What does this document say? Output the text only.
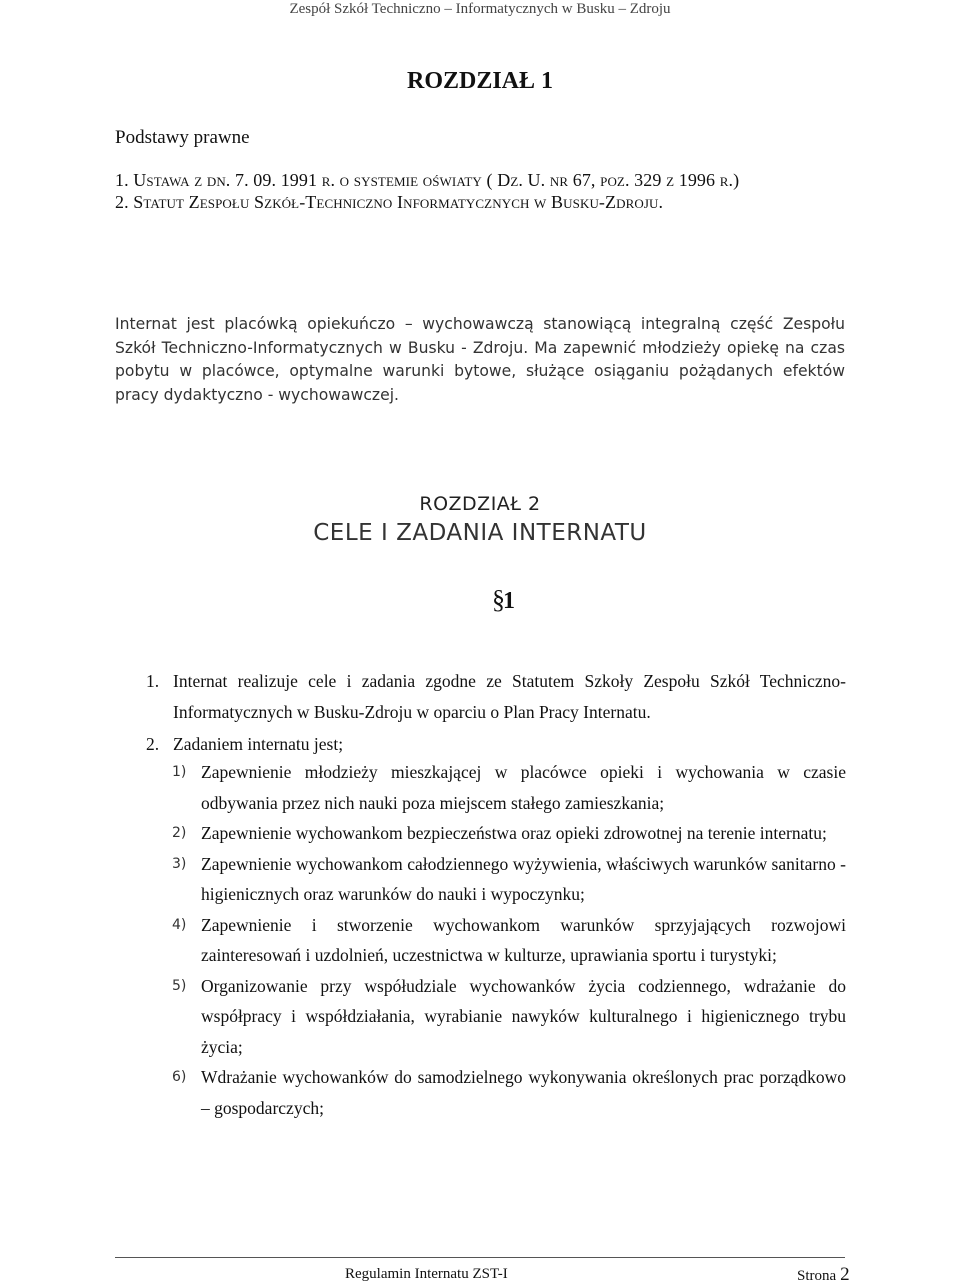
Zespół Szkół Techniczno – Informatycznych w Busku – Zdroju
ROZDZIAŁ 1
Podstawy prawne
1. Ustawa z dn. 7. 09. 1991 r. o systemie oświaty ( Dz. U. nr 67, poz. 329 z 1996 r.)
2. Statut Zespołu Szkół-Techniczno Informatycznych w Busku-Zdroju.
Internat jest placówką opiekuńczo – wychowawczą stanowiącą integralną część Zespołu Szkół Techniczno-Informatycznych w Busku - Zdroju. Ma zapewnić młodzieży opiekę na czas pobytu w placówce, optymalne warunki bytowe, służące osiąganiu pożądanych efektów pracy dydaktyczno - wychowawczej.
ROZDZIAŁ 2
CELE I ZADANIA INTERNATU
§1
1. Internat realizuje cele i zadania zgodne ze Statutem Szkoły Zespołu Szkół Techniczno-Informatycznych w Busku-Zdroju w oparciu o Plan Pracy Internatu.
2. Zadaniem internatu jest;
1) Zapewnienie młodzieży mieszkającej w placówce opieki i wychowania w czasie odbywania przez nich nauki poza miejscem stałego zamieszkania;
2) Zapewnienie wychowankom bezpieczeństwa oraz opieki zdrowotnej na terenie internatu;
3) Zapewnienie wychowankom całodziennego wyżywienia, właściwych warunków sanitarno - higienicznych oraz warunków do nauki i wypoczynku;
4) Zapewnienie i stworzenie wychowankom warunków sprzyjających rozwojowi zainteresowań i uzdolnień, uczestnictwa w kulturze, uprawiania sportu i turystyki;
5) Organizowanie przy współudziale wychowanków życia codziennego, wdrażanie do współpracy i współdziałania, wyrabianie nawyków kulturalnego i higienicznego trybu życia;
6) Wdrażanie wychowanków do samodzielnego wykonywania określonych prac porządkowo – gospodarczych;
Regulamin Internatu ZST-I	Strona 2
